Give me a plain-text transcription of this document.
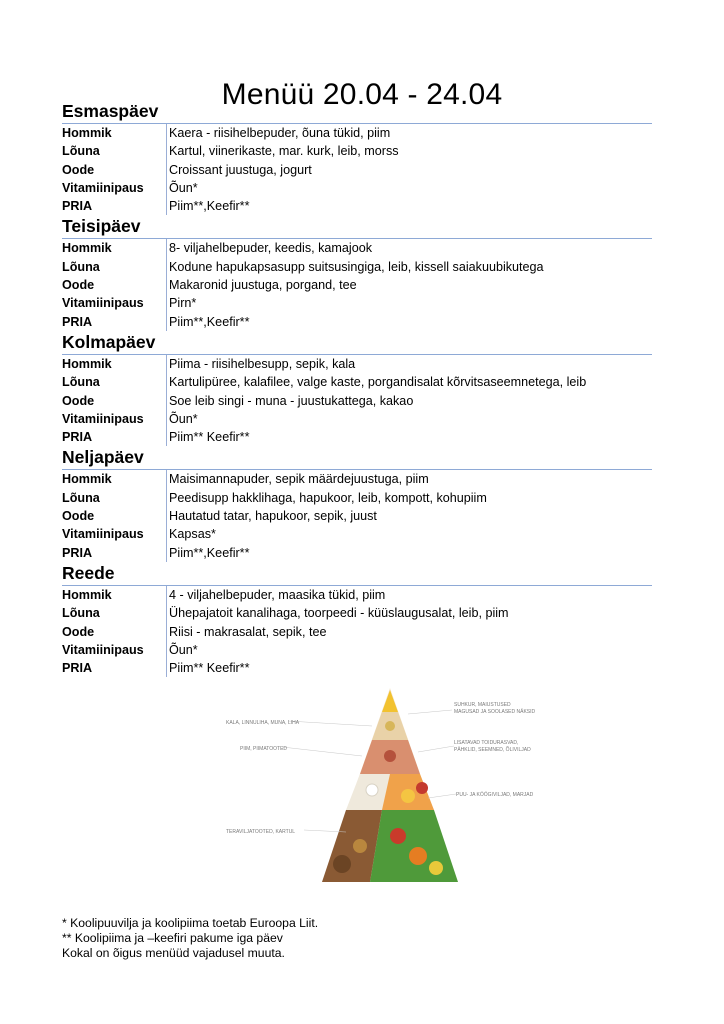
Menüü 20.04 - 24.04
Esmaspäev
Hommik	Kaera - riisihelbepuder, õuna tükid, piim
Lõuna	Kartul, viinerikaste, mar. kurk, leib, morss
Oode	Croissant juustuga, jogurt
Vitamiinipaus	Õun*
PRIA	Piim**,Keefir**
Teisipäev
Hommik	8- viljahelbepuder, keedis, kamajook
Lõuna	Kodune hapukapsasupp suitsusingiga, leib, kissell saiakuubikutega
Oode	Makaronid juustuga, porgand, tee
Vitamiinipaus	Pirn*
PRIA	Piim**,Keefir**
Kolmapäev
Hommik	Piima - riisihelbesupp, sepik, kala
Lõuna	Kartulipüree, kalafilee, valge kaste, porgandisalat kõrvitsaseemnetega, leib
Oode	Soe leib singi - muna - juustukattega, kakao
Vitamiinipaus	Õun*
PRIA	Piim** Keefir**
Neljapäev
Hommik	Maisimannapuder, sepik määrdejuustuga, piim
Lõuna	Peedisupp hakklihaga, hapukoor, leib, kompott, kohupiim
Oode	Hautatud tatar, hapukoor, sepik, juust
Vitamiinipaus	Kapsas*
PRIA	Piim**,Keefir**
Reede
Hommik	4 - viljahelbepuder, maasika tükid, piim
Lõuna	Ühepajatoit kanalihaga, toorpeedi - küüslaugusalat, leib, piim
Oode	Riisi - makrasalat, sepik, tee
Vitamiinipaus	Õun*
PRIA	Piim** Keefir**
KALA, LINNULIHA, MUNA, LIHA
PIIM, PIIMATOOTED
TERAVILJATOOTED, KARTUL
SUHKUR, MAIUSTUSED
MAGUSAD JA SOOLASED NÄKSID
LISATAVAD TOIDURASVAD,
PÄHKLID, SEEMNED, ÕLIVILJAD
PUU- JA KÖÖGIVILJAD, MARJAD
* Koolipuuvilja ja koolipiima toetab Euroopa Liit.
** Koolipiima ja –keefiri pakume iga päev
Kokal on õigus menüüd vajadusel muuta.
